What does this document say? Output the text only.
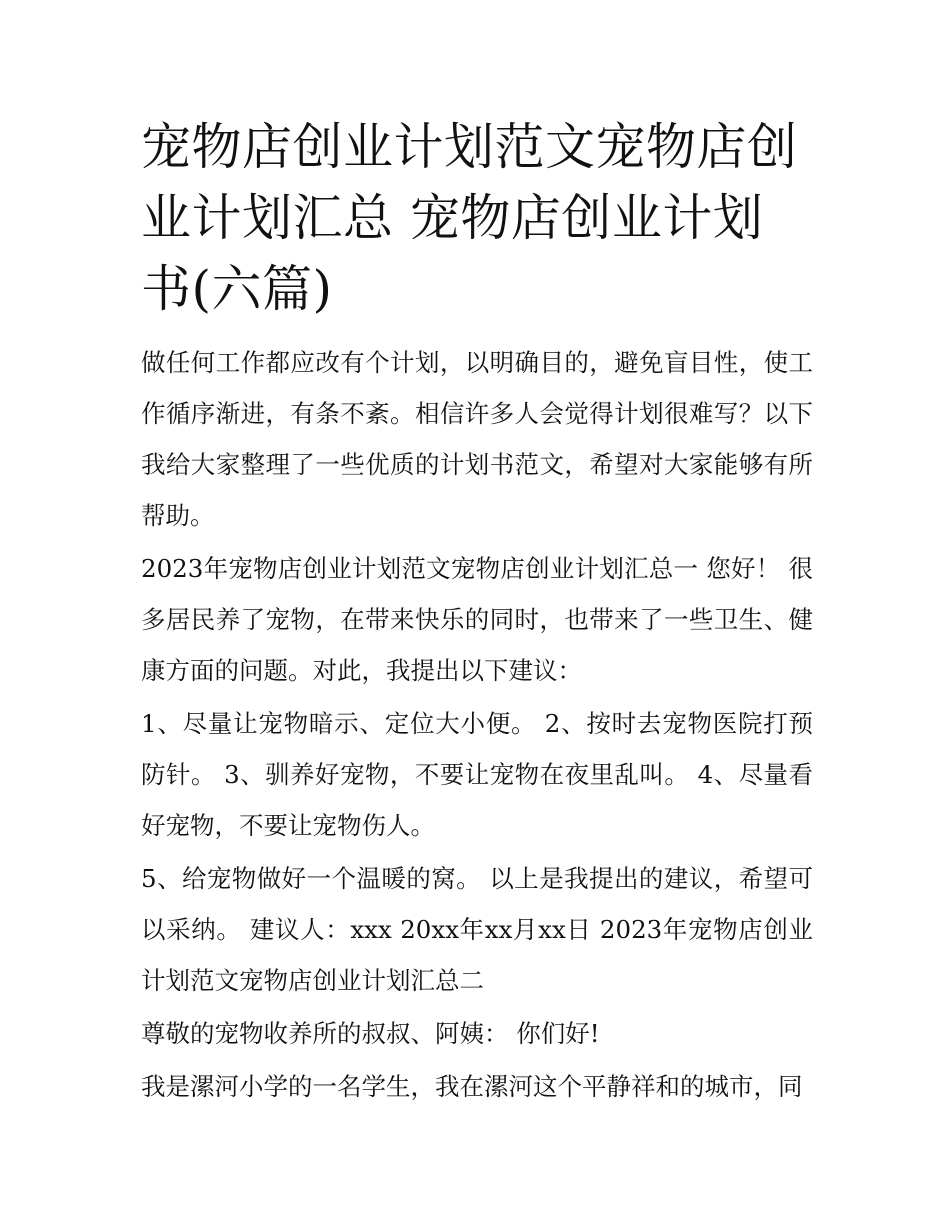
宠物店创业计划范文宠物店创业计划汇总 宠物店创业计划书(六篇)

做任何工作都应改有个计划，以明确目的，避免盲目性，使工作循序渐进，有条不紊。相信许多人会觉得计划很难写？以下我给大家整理了一些优质的计划书范文，希望对大家能够有所帮助。

2023年宠物店创业计划范文宠物店创业计划汇总一 您好！ 很多居民养了宠物，在带来快乐的同时，也带来了一些卫生、健康方面的问题。对此，我提出以下建议：

1、尽量让宠物暗示、定位大小便。 2、按时去宠物医院打预防针。 3、驯养好宠物，不要让宠物在夜里乱叫。 4、尽量看好宠物，不要让宠物伤人。

5、给宠物做好一个温暖的窝。 以上是我提出的建议，希望可以采纳。 建议人：xxx 20xx年xx月xx日 2023年宠物店创业计划范文宠物店创业计划汇总二

尊敬的宠物收养所的叔叔、阿姨： 你们好!

我是漯河小学的一名学生，我在漯河这个平静祥和的城市，同
